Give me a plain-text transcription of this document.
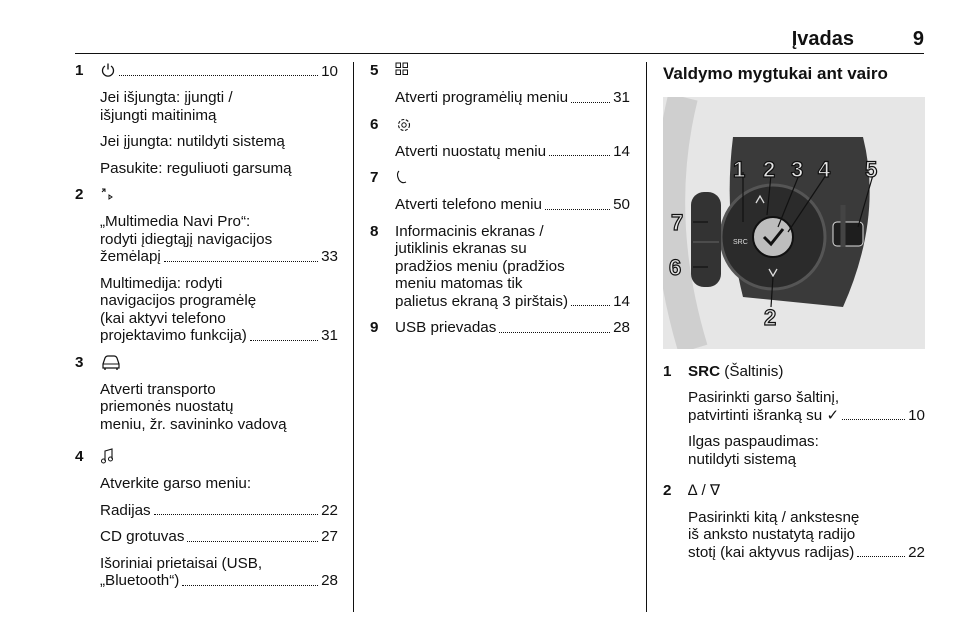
Įvadas	9
1	10
Jei išjungta: įjungti /
išjungti maitinimą
Jei įjungta: nutildyti sistemą
Pasukite: reguliuoti garsumą
2
„Multimedia Navi Pro“:
rodyti įdiegtąjį navigacijos
žemėlapį	33
Multimedija: rodyti
navigacijos programėlę
(kai aktyvi telefono
projektavimo funkcija)	31
3
Atverti transporto
priemonės nuostatų
meniu, žr. savininko vadovą
4
Atverkite garso meniu:
Radijas	22
CD grotuvas	27
Išoriniai prietaisai (USB,
„Bluetooth“)	28
5
Atverti programėlių meniu	31
6
Atverti nuostatų meniu	14
7
Atverti telefono meniu	50
8	Informacinis ekranas /
jutiklinis ekranas su
pradžios meniu (pradžios
meniu matomas tik
palietus ekraną 3 pirštais)	14
9	USB prievadas	28
Valdymo mygtukai ant vairo
SRC
1 2 3 4 5
6
7
2
1	SRC (Šaltinis)
Pasirinkti garso šaltinį,
patvirtinti išranką su
✓	10
Ilgas paspaudimas:
nutildyti sistemą
2	∆ / ∇
Pasirinkti kitą / ankstesnę
iš anksto nustatytą radijo
stotį (kai aktyvus radijas)	22
